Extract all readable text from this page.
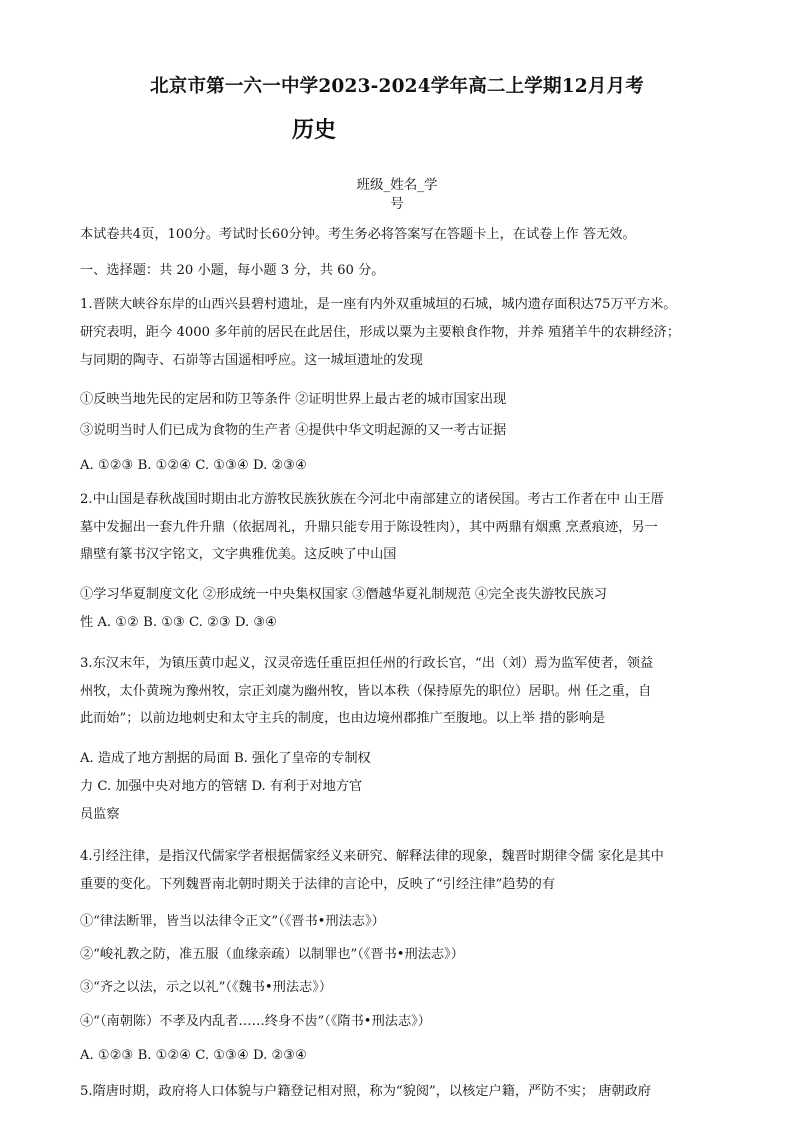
北京市第一六一中学2023-2024学年高二上学期12月月考
历史
班级_姓名_学
号
本试卷共4页，100分。考试时长60分钟。考生务必将答案写在答题卡上，在试卷上作 答无效。
一、选择题：共 20 小题，每小题 3 分，共 60 分。
1.晋陕大峡谷东岸的山西兴县碧村遗址，是一座有内外双重城垣的石城，城内遗存面积达75万平方米。
研究表明，距今 4000 多年前的居民在此居住，形成以粟为主要粮食作物，并养 殖猪羊牛的农耕经济；
与同期的陶寺、石峁等古国遥相呼应。这一城垣遗址的发现
①反映当地先民的定居和防卫等条件 ②证明世界上最古老的城市国家出现
③说明当时人们已成为食物的生产者 ④提供中华文明起源的又一考古证据
A. ①②③ B. ①②④ C. ①③④ D. ②③④
2.中山国是春秋战国时期由北方游牧民族狄族在今河北中南部建立的诸侯国。考古工作者在中 山王厝
墓中发掘出一套九件升鼎（依据周礼，升鼎只能专用于陈设牲肉），其中两鼎有烟熏 烹煮痕迹，另一
鼎壁有篆书汉字铭文，文字典雅优美。这反映了中山国
①学习华夏制度文化 ②形成统一中央集权国家 ③僭越华夏礼制规范 ④完全丧失游牧民族习
性 A. ①② B. ①③ C. ②③ D. ③④
3.东汉末年，为镇压黄巾起义，汉灵帝选任重臣担任州的行政长官，“出（刘）焉为监军使者，领益
州牧，太仆黄琬为豫州牧，宗正刘虞为幽州牧，皆以本秩（保持原先的职位）居职。州 任之重，自
此而始”；以前边地刺史和太守主兵的制度，也由边境州郡推广至腹地。以上举 措的影响是
A. 造成了地方割据的局面 B. 强化了皇帝的专制权
力 C. 加强中央对地方的管辖 D. 有利于对地方官
员监察
4.引经注律，是指汉代儒家学者根据儒家经义来研究、解释法律的现象，魏晋时期律令儒 家化是其中
重要的变化。下列魏晋南北朝时期关于法律的言论中，反映了“引经注律”趋势的有
①“律法断罪，皆当以法律令正文”（《晋书•刑法志》）
②“峻礼教之防，准五服（血缘亲疏）以制罪也”（《晋书•刑法志》）
③“齐之以法，示之以礼”（《魏书•刑法志》）
④“（南朝陈）不孝及内乱者……终身不齿”（《隋书•刑法志》）
A. ①②③ B. ①②④ C. ①③④ D. ②③④
5.隋唐时期，政府将人口体貌与户籍登记相对照，称为“貌阅”，以核定户籍，严防不实； 唐朝政府
